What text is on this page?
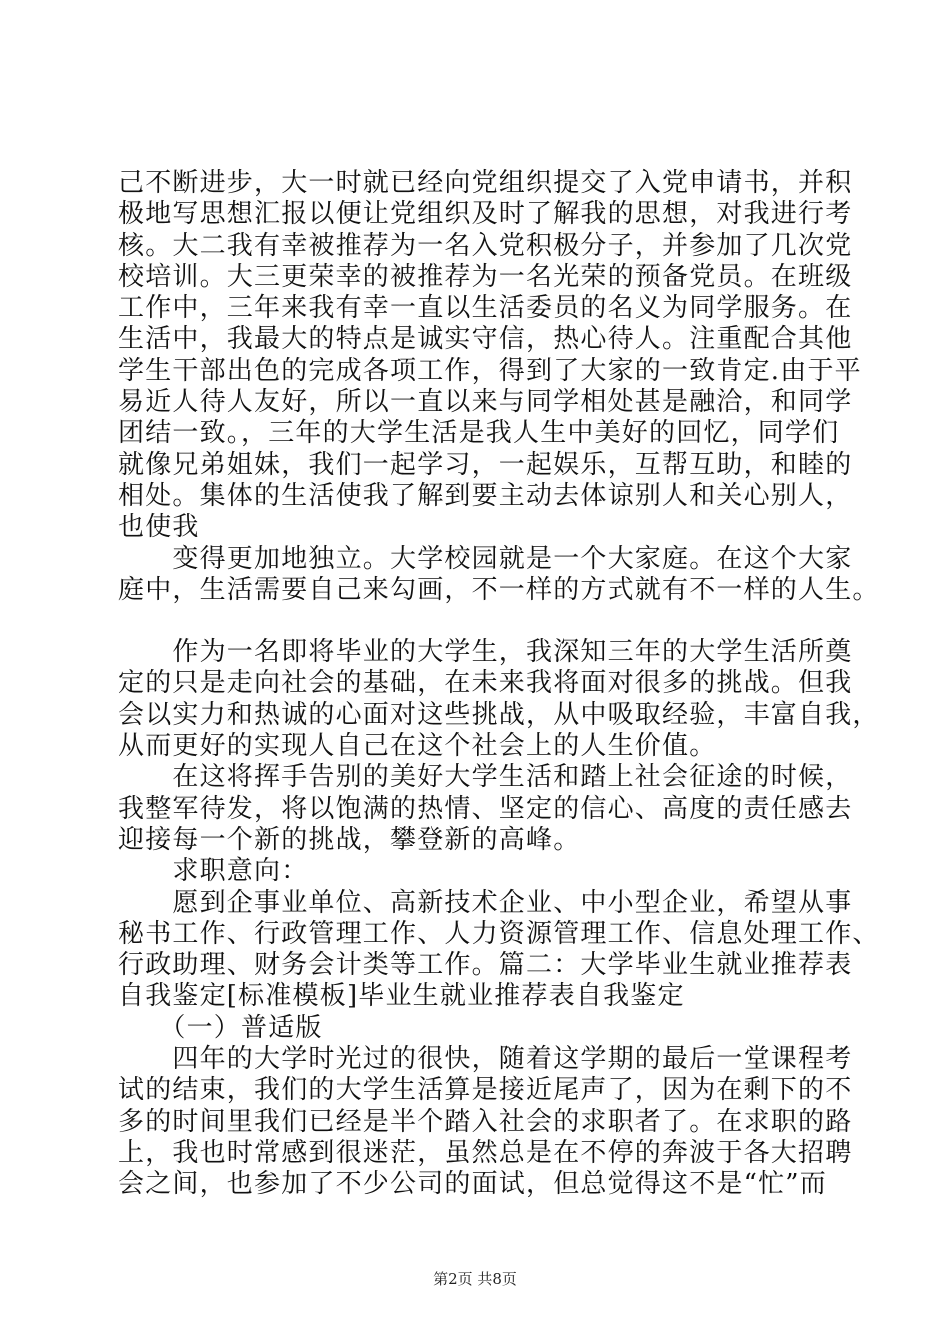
己不断进步，大一时就已经向党组织提交了入党申请书，并积
极地写思想汇报以便让党组织及时了解我的思想，对我进行考
核。大二我有幸被推荐为一名入党积极分子，并参加了几次党
校培训。大三更荣幸的被推荐为一名光荣的预备党员。在班级
工作中，三年来我有幸一直以生活委员的名义为同学服务。在
生活中，我最大的特点是诚实守信，热心待人。注重配合其他
学生干部出色的完成各项工作，得到了大家的一致肯定.由于平
易近人待人友好，所以一直以来与同学相处甚是融洽，和同学
团结一致。，三年的大学生活是我人生中美好的回忆，同学们
就像兄弟姐妹，我们一起学习，一起娱乐，互帮互助，和睦的
相处。集体的生活使我了解到要主动去体谅别人和关心别人，
也使我
　　变得更加地独立。大学校园就是一个大家庭。在这个大家
庭中，生活需要自己来勾画，不一样的方式就有不一样的人生。
　　作为一名即将毕业的大学生，我深知三年的大学生活所奠
定的只是走向社会的基础，在未来我将面对很多的挑战。但我
会以实力和热诚的心面对这些挑战，从中吸取经验，丰富自我，
从而更好的实现人自己在这个社会上的人生价值。
　　在这将挥手告别的美好大学生活和踏上社会征途的时候，
我整军待发，将以饱满的热情、坚定的信心、高度的责任感去
迎接每一个新的挑战，攀登新的高峰。
　　求职意向：
　　愿到企事业单位、高新技术企业、中小型企业，希望从事
秘书工作、行政管理工作、人力资源管理工作、信息处理工作、
行政助理、财务会计类等工作。篇二：大学毕业生就业推荐表
自我鉴定[标准模板]毕业生就业推荐表自我鉴定
　　（一）普适版
　　四年的大学时光过的很快，随着这学期的最后一堂课程考
试的结束，我们的大学生活算是接近尾声了，因为在剩下的不
多的时间里我们已经是半个踏入社会的求职者了。在求职的路
上，我也时常感到很迷茫，虽然总是在不停的奔波于各大招聘
会之间，也参加了不少公司的面试，但总觉得这不是“忙”而
第2页 共8页
